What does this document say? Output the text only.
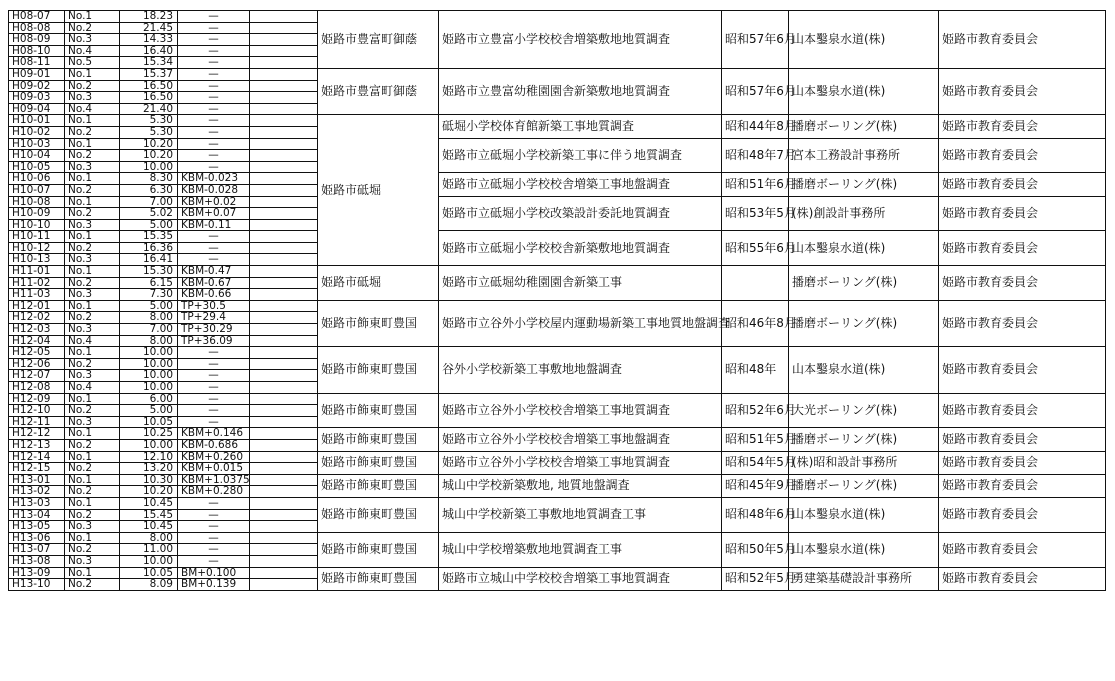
H08-07	No.1	18.23	—		姫路市豊富町御蔭	姫路市立豊富小学校校舎増築敷地地質調査	昭和57年6月	山本鑿泉水道(株)	姫路市教育委員会
H08-08	No.2	21.45	—						
H08-09	No.3	14.33	—						
H08-10	No.4	16.40	—						
H08-11	No.5	15.34	—						
H09-01	No.1	15.37	—		姫路市豊富町御蔭	姫路市立豊富幼稚園園舎新築敷地地質調査	昭和57年6月	山本鑿泉水道(株)	姫路市教育委員会
H09-02	No.2	16.50	—						
H09-03	No.3	16.50	—						
H09-04	No.4	21.40	—						
H10-01	No.1	5.30	—		姫路市砥堀	砥堀小学校体育館新築工事地質調査	昭和44年8月	播磨ボーリング(株)	姫路市教育委員会
H10-02	No.2	5.30	—						
H10-03	No.1	10.20	—			姫路市立砥堀小学校新築工事に伴う地質調査	昭和48年7月	宮本工務設計事務所	姫路市教育委員会
H10-04	No.2	10.20	—						
H10-05	No.3	10.00	—						
H10-06	No.1	8.30	KBM-0.023			姫路市立砥堀小学校校舎増築工事地盤調査	昭和51年6月	播磨ボーリング(株)	姫路市教育委員会
H10-07	No.2	6.30	KBM-0.028						
H10-08	No.1	7.00	KBM+0.02			姫路市立砥堀小学校改築設計委託地質調査	昭和53年5月	(株)創設計事務所	姫路市教育委員会
H10-09	No.2	5.02	KBM+0.07						
H10-10	No.3	5.00	KBM-0.11						
H10-11	No.1	15.35	—			姫路市立砥堀小学校校舎新築敷地地質調査	昭和55年6月	山本鑿泉水道(株)	姫路市教育委員会
H10-12	No.2	16.36	—						
H10-13	No.3	16.41	—						
H11-01	No.1	15.30	KBM-0.47		姫路市砥堀	姫路市立砥堀幼稚園園舎新築工事		播磨ボーリング(株)	姫路市教育委員会
H11-02	No.2	6.15	KBM-0.67						
H11-03	No.3	7.30	KBM-0.66						
H12-01	No.1	5.00	TP+30.5		姫路市飾東町豊国	姫路市立谷外小学校屋内運動場新築工事地質地盤調査	昭和46年8月	播磨ボーリング(株)	姫路市教育委員会
H12-02	No.2	8.00	TP+29.4						
H12-03	No.3	7.00	TP+30.29						
H12-04	No.4	8.00	TP+36.09						
H12-05	No.1	10.00	—		姫路市飾東町豊国	谷外小学校新築工事敷地地盤調査	昭和48年	山本鑿泉水道(株)	姫路市教育委員会
H12-06	No.2	10.00	—						
H12-07	No.3	10.00	—						
H12-08	No.4	10.00	—						
H12-09	No.1	6.00	—		姫路市飾東町豊国	姫路市立谷外小学校校舎増築工事地質調査	昭和52年6月	大光ボーリング(株)	姫路市教育委員会
H12-10	No.2	5.00	—						
H12-11	No.3	10.05	—						
H12-12	No.1	10.25	KBM+0.146		姫路市飾東町豊国	姫路市立谷外小学校校舎増築工事地盤調査	昭和51年5月	播磨ボーリング(株)	姫路市教育委員会
H12-13	No.2	10.00	KBM-0.686						
H12-14	No.1	12.10	KBM+0.260		姫路市飾東町豊国	姫路市立谷外小学校校舎増築工事地質調査	昭和54年5月	(株)昭和設計事務所	姫路市教育委員会
H12-15	No.2	13.20	KBM+0.015						
H13-01	No.1	10.30	KBM+1.0375		姫路市飾東町豊国	城山中学校新築敷地, 地質地盤調査	昭和45年9月	播磨ボーリング(株)	姫路市教育委員会
H13-02	No.2	10.20	KBM+0.280						
H13-03	No.1	10.45	—		姫路市飾東町豊国	城山中学校新築工事敷地地質調査工事	昭和48年6月	山本鑿泉水道(株)	姫路市教育委員会
H13-04	No.2	15.45	—						
H13-05	No.3	10.45	—						
H13-06	No.1	8.00	—		姫路市飾東町豊国	城山中学校增築敷地地質調査工事	昭和50年5月	山本鑿泉水道(株)	姫路市教育委員会
H13-07	No.2	11.00	—						
H13-08	No.3	10.00	—						
H13-09	No.1	10.05	BM+0.100		姫路市飾東町豊国	姫路市立城山中学校校舎増築工事地質調査	昭和52年5月	勇建築基礎設計事務所	姫路市教育委員会
H13-10	No.2	8.09	BM+0.139						
